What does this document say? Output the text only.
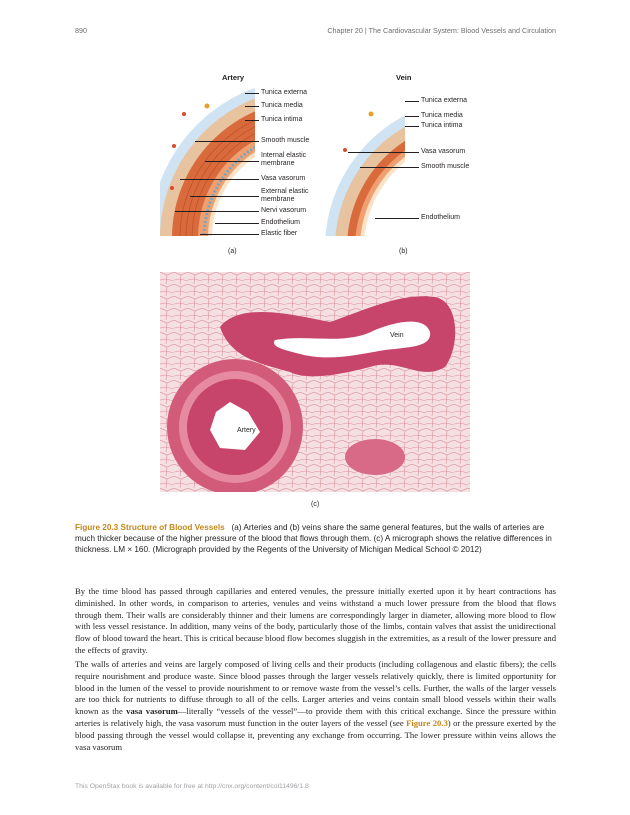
890	Chapter 20 | The Cardiovascular System: Blood Vessels and Circulation
Artery
(a)
Tunica externa
Tunica media
Tunica intima
Smooth muscle
Internal elastic
membrane
Vasa vasorum
External elastic
membrane
Nervi vasorum
Endothelium
Elastic fiber
Vein
(b)
Tunica externa
Tunica media
Tunica intima
Vasa vasorum
Smooth muscle
Endothelium
Vein
Artery
(c)
Figure 20.3 Structure of Blood Vessels (a) Arteries and (b) veins share the same general features, but the walls of arteries are much thicker because of the higher pressure of the blood that flows through them. (c) A micrograph shows the relative differences in thickness. LM × 160. (Micrograph provided by the Regents of the University of Michigan Medical School © 2012)
By the time blood has passed through capillaries and entered venules, the pressure initially exerted upon it by heart contractions has diminished. In other words, in comparison to arteries, venules and veins withstand a much lower pressure from the blood that flows through them. Their walls are considerably thinner and their lumens are correspondingly larger in diameter, allowing more blood to flow with less vessel resistance. In addition, many veins of the body, particularly those of the limbs, contain valves that assist the unidirectional flow of blood toward the heart. This is critical because blood flow becomes sluggish in the extremities, as a result of the lower pressure and the effects of gravity.
The walls of arteries and veins are largely composed of living cells and their products (including collagenous and elastic fibers); the cells require nourishment and produce waste. Since blood passes through the larger vessels relatively quickly, there is limited opportunity for blood in the lumen of the vessel to provide nourishment to or remove waste from the vessel’s cells. Further, the walls of the larger vessels are too thick for nutrients to diffuse through to all of the cells. Larger arteries and veins contain small blood vessels within their walls known as the vasa vasorum—literally “vessels of the vessel”—to provide them with this critical exchange. Since the pressure within arteries is relatively high, the vasa vasorum must function in the outer layers of the vessel (see Figure 20.3) or the pressure exerted by the blood passing through the vessel would collapse it, preventing any exchange from occurring. The lower pressure within veins allows the vasa vasorum
This OpenStax book is available for free at http://cnx.org/content/col11496/1.8
